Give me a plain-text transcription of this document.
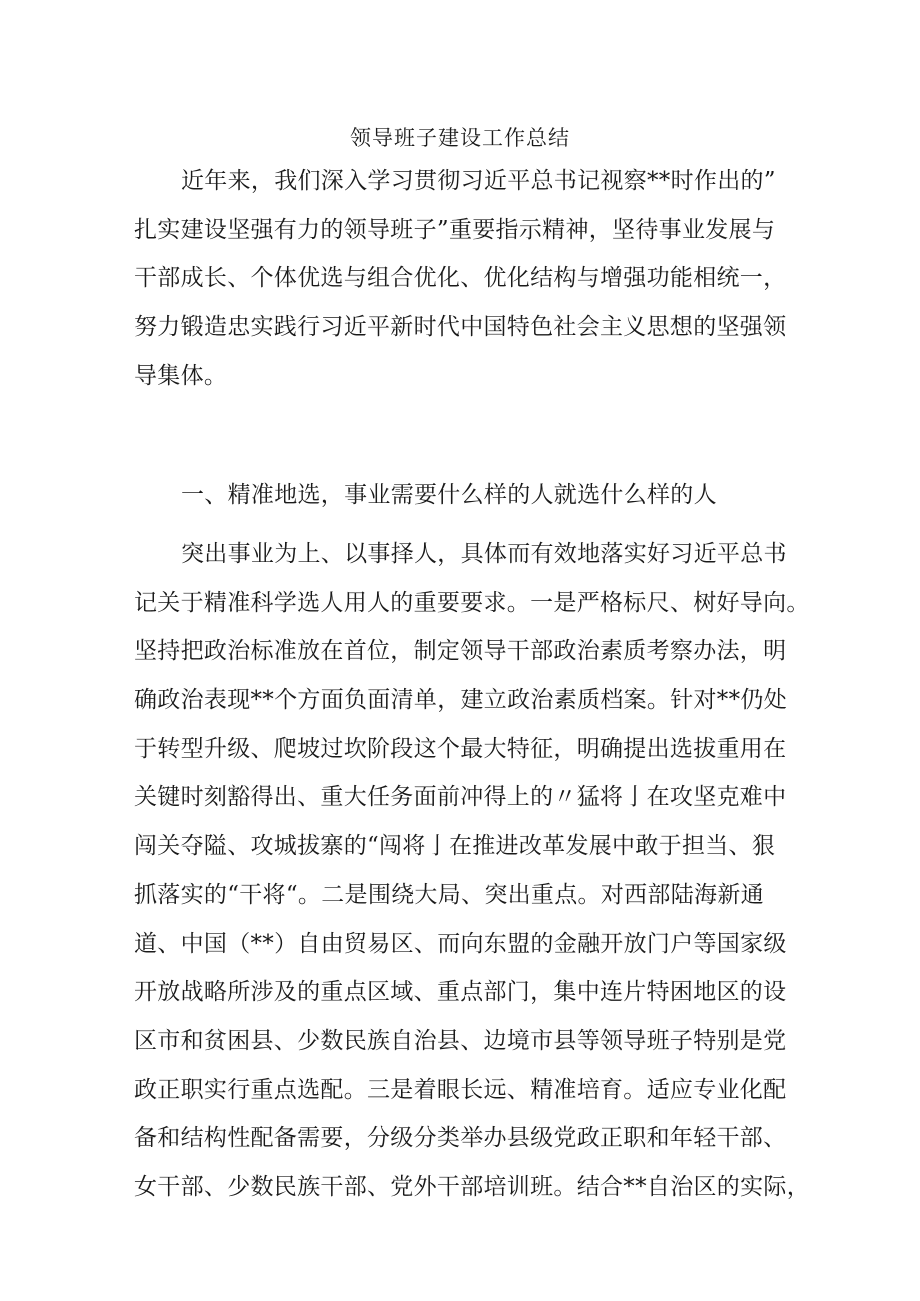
领导班子建设工作总结
近年来，我们深入学习贯彻习近平总书记视察**时作出的”
扎实建设坚强有力的领导班子”重要指示精神，坚待事业发展与
干部成长、个体优选与组合优化、优化结构与增强功能相统一，
努力锻造忠实践行习近平新时代中国特色社会主义思想的坚强领
导集体。
一、精准地选，事业需要什么样的人就选什么样的人
突出事业为上、以事择人，具体而有效地落实好习近平总书
记关于精准科学选人用人的重要要求。一是严格标尺、树好导向。
坚持把政治标准放在首位，制定领导干部政治素质考察办法，明
确政治表现**个方面负面清单，建立政治素质档案。针对**仍处
于转型升级、爬坡过坎阶段这个最大特征，明确提出选拔重用在
关键时刻豁得出、重大任务面前冲得上的〃猛将亅在攻坚克难中
闯关夺隘、攻城拔寨的“闯将亅在推进改革发展中敢于担当、狠
抓落实的“干将“。二是围绕大局、突出重点。对西部陆海新通
道、中国（**）自由贸易区、而向东盟的金融开放门户等国家级
开放战略所涉及的重点区域、重点部门，集中连片特困地区的设
区市和贫困县、少数民族自治县、边境市县等领导班子特别是党
政正职实行重点选配。三是着眼长远、精准培育。适应专业化配
备和结构性配备需要，分级分类举办县级党政正职和年轻干部、
女干部、少数民族干部、党外干部培训班。结合**自治区的实际，
